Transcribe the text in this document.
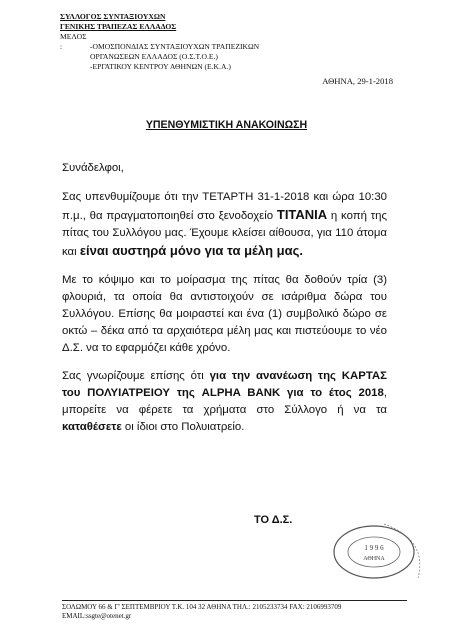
ΣΥΛΛΟΓΟΣ ΣΥΝΤΑΞΙΟΥΧΩΝ
ΓΕΝΙΚΗΣ ΤΡΑΠΕΖΑΣ ΕΛΛΑΔΟΣ
ΜΕΛΟΣ :	-ΟΜΟΣΠΟΝΔΙΑΣ ΣΥΝΤΑΞΙΟΥΧΩΝ ΤΡΑΠΕΖΙΚΩΝ
ΟΡΓΑΝΩΣΕΩΝ ΕΛΛΑΔΟΣ (Ο.Σ.Τ.Ο.Ε.)
-ΕΡΓΑΤΙΚΟΥ ΚΕΝΤΡΟΥ ΑΘΗΝΩΝ (Ε.Κ.Α.)
ΑΘΗΝΑ, 29-1-2018
ΥΠΕΝΘΥΜΙΣΤΙΚΗ ΑΝΑΚΟΙΝΩΣΗ

Συνάδελφοι,

Σας υπενθυμίζουμε ότι την ΤΕΤΑΡΤΗ 31-1-2018 και ώρα 10:30 π.μ., θα πραγματοποιηθεί στο ξενοδοχείο TITANIA η κοπή της πίτας του Συλλόγου μας. Έχουμε κλείσει αίθουσα, για 110 άτομα και είναι αυστηρά μόνο για τα μέλη μας.

Με το κόψιμο και το μοίρασμα της πίτας θα δοθούν τρία (3) φλουριά, τα οποία θα αντιστοιχούν σε ισάριθμα δώρα του Συλλόγου. Επίσης θα μοιραστεί και ένα (1) συμβολικό δώρο σε οκτώ – δέκα από τα αρχαιότερα μέλη μας και πιστεύουμε το νέο Δ.Σ. να το εφαρμόζει κάθε χρόνο.

Σας γνωρίζουμε επίσης ότι για την ανανέωση της ΚΑΡΤΑΣ του ΠΟΛΥΙΑΤΡΕΙΟΥ της ALPHA BANK για το έτος 2018, μπορείτε να φέρετε τα χρήματα στο Σύλλογο ή να τα καταθέσετε οι ίδιοι στο Πολυιατρείο.

ΤΟ Δ.Σ.
1 9 9 6
ΑΘΗΝΑ
ΣΟΛΩΜΟΥ 66 & Γ' ΣΕΠΤΕΜΒΡΙΟΥ Τ.Κ. 104 32 ΑΘΗΝΑ ΤΗΛ.: 2105233734 FAX: 2106993709
EMAIL:ssgte@otenet.gr
